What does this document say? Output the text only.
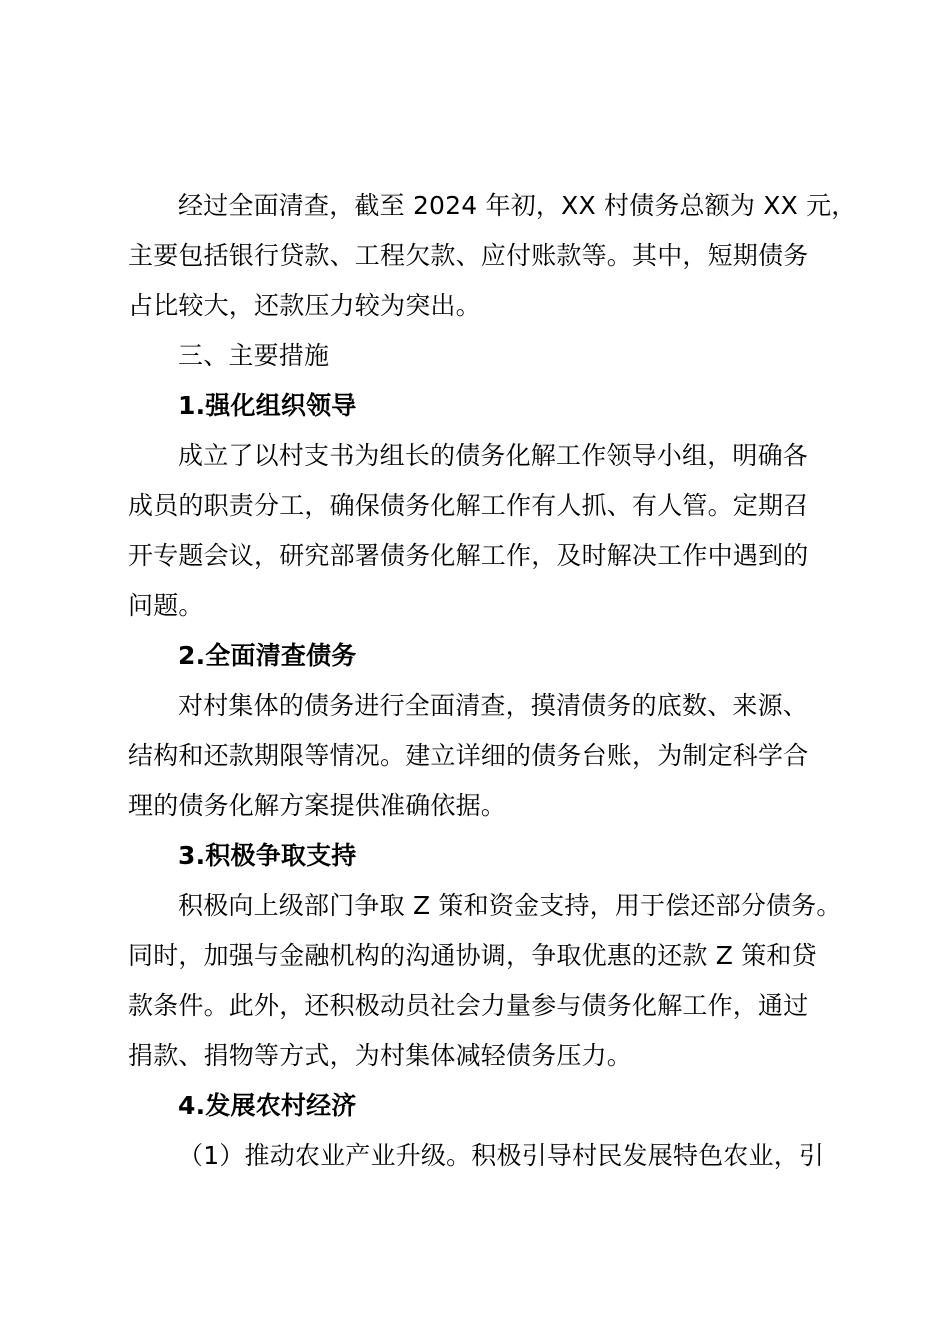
经过全面清查，截至 2024 年初，XX 村债务总额为 XX 元，
主要包括银行贷款、工程欠款、应付账款等。其中，短期债务
占比较大，还款压力较为突出。
三、主要措施
1.强化组织领导
成立了以村支书为组长的债务化解工作领导小组，明确各
成员的职责分工，确保债务化解工作有人抓、有人管。定期召
开专题会议，研究部署债务化解工作，及时解决工作中遇到的
问题。
2.全面清查债务
对村集体的债务进行全面清查，摸清债务的底数、来源、
结构和还款期限等情况。建立详细的债务台账，为制定科学合
理的债务化解方案提供准确依据。
3.积极争取支持
积极向上级部门争取 Z 策和资金支持，用于偿还部分债务。
同时，加强与金融机构的沟通协调，争取优惠的还款 Z 策和贷
款条件。此外，还积极动员社会力量参与债务化解工作，通过
捐款、捐物等方式，为村集体减轻债务压力。
4.发展农村经济
（1）推动农业产业升级。积极引导村民发展特色农业，引
